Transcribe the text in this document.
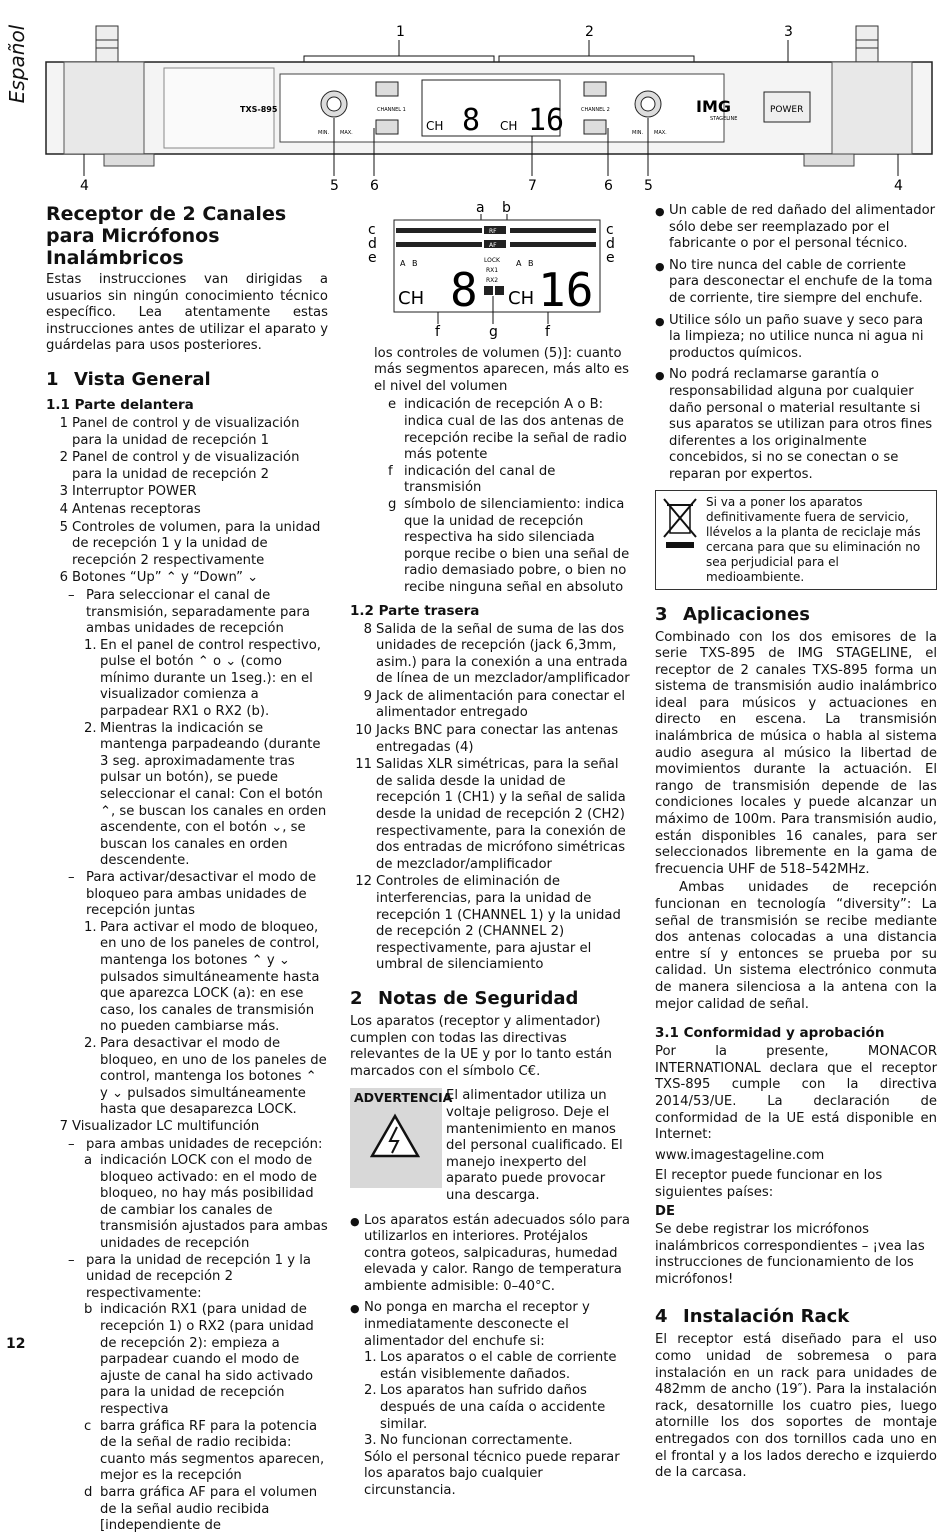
Español	1	2	3
TXS-895
MIN. MAX.	MIN. MAX.
CHANNEL 1	CHANNEL 2
CH 8 CH 16	IMG
STAGELINE
POWER
4	5 6	7	6 5	4
Receptor de 2 Canales para Micrófonos Inalámbricos

Estas instrucciones van dirigidas a usuarios sin ningún conocimiento técnico específico. Lea atentamente estas instrucciones antes de utilizar el aparato y guárdelas para usos posteriores.

1 Vista General
1.1 Parte delantera
1 Panel de control y de visualización para la unidad de recepción 1
2 Panel de control y de visualización para la unidad de recepción 2
3 Interruptor POWER
4 Antenas receptoras
5 Controles de volumen, para la unidad de recepción 1 y la unidad de recepción 2 respectivamente
6 Botones “Up” ⌃ y “Down” ⌄
– Para seleccionar el canal de transmisión, separadamente para ambas unidades de recepción
1. En el panel de control respectivo, pulse el botón ⌃ o ⌄ (como mínimo durante un 1seg.): en el visualizador comienza a parpadear RX1 o RX2 (b).
2. Mientras la indicación se mantenga parpadeando (durante 3 seg. aproximadamente tras pulsar un botón), se puede seleccionar el canal: Con el botón ⌃, se buscan los canales en orden ascendente, con el botón ⌄, se buscan los canales en orden descendente.
– Para activar/desactivar el modo de bloqueo para ambas unidades de recepción juntas
1. Para activar el modo de bloqueo, en uno de los paneles de control, mantenga los botones ⌃ y ⌄ pulsados simultáneamente hasta que aparezca LOCK (a): en ese caso, los canales de transmisión no pueden cambiarse más.
2. Para desactivar el modo de bloqueo, en uno de los paneles de control, mantenga los botones ⌃ y ⌄ pulsados simultáneamente hasta que desaparezca LOCK.
7 Visualizador LC multifunción
– para ambas unidades de recepción:
a indicación LOCK con el modo de bloqueo activado: en el modo de bloqueo, no hay más posibilidad de cambiar los canales de transmisión ajustados para ambas unidades de recepción
– para la unidad de recepción 1 y la unidad de recepción 2 respectivamente:
b indicación RX1 (para unidad de recepción 1) o RX2 (para unidad de recepción 2): empieza a parpadear cuando el modo de ajuste de canal ha sido activado para la unidad de recepción respectiva
c barra gráfica RF para la potencia de la señal de radio recibida: cuanto más segmentos aparecen, mejor es la recepción
d barra gráfica AF para el volumen de la señal audio recibida [independiente de
a b
c
d
e
c
d
e
RF
AF
A B	A B
CH 8 CH 16
LOCK
RX1
RX2
f	g	f

los controles de volumen (5)]: cuanto más segmentos aparecen, más alto es el nivel del volumen

e indicación de recepción A o B: indica cual de las dos antenas de recepción recibe la señal de radio más potente
f indicación del canal de transmisión
g símbolo de silenciamiento: indica que la unidad de recepción respectiva ha sido silenciada porque recibe o bien una señal de radio demasiado pobre, o bien no recibe ninguna señal en absoluto
1.2 Parte trasera
8 Salida de la señal de suma de las dos unidades de recepción (jack 6,3mm, asim.) para la conexión a una entrada de línea de un mezclador/amplificador
9 Jack de alimentación para conectar el alimentador entregado
10 Jacks BNC para conectar las antenas entregadas (4)
11 Salidas XLR simétricas, para la señal de salida desde la unidad de recepción 1 (CH1) y la señal de salida desde la unidad de recepción 2 (CH2) respectivamente, para la conexión de dos entradas de micrófono simétricas de mezclador/amplificador
12 Controles de eliminación de interferencias, para la unidad de recepción 1 (CHANNEL 1) y la unidad de recepción 2 (CHANNEL 2) respectivamente, para ajustar el umbral de silenciamiento
2 Notas de Seguridad

Los aparatos (receptor y alimentador) cumplen con todas las directivas relevantes de la UE y por lo tanto están marcados con el símbolo C€.

ADVERTENCIA
El alimentador utiliza un voltaje peligroso. Deje el mantenimiento en manos del personal cualificado. El manejo inexperto del aparato puede provocar una descarga.
● Los aparatos están adecuados sólo para utilizarlos en interiores. Protéjalos contra goteos, salpicaduras, humedad elevada y calor. Rango de temperatura ambiente admisible: 0–40°C.
● No ponga en marcha el receptor y inmediatamente desconecte el alimentador del enchufe si:
1. Los aparatos o el cable de corriente están visiblemente dañados.
2. Los aparatos han sufrido daños después de una caída o accidente similar.
3. No funcionan correctamente.

Sólo el personal técnico puede reparar los aparatos bajo cualquier circunstancia.

● Un cable de red dañado del alimentador sólo debe ser reemplazado por el fabricante o por el personal técnico.
● No tire nunca del cable de corriente para desconectar el enchufe de la toma de corriente, tire siempre del enchufe.
● Utilice sólo un paño suave y seco para la limpieza; no utilice nunca ni agua ni productos químicos.
● No podrá reclamarse garantía o responsabilidad alguna por cualquier daño personal o material resultante si sus aparatos se utilizan para otros fines diferentes a los originalmente concebidos, si no se conectan o se reparan por expertos.
Si va a poner los aparatos definitivamente fuera de servicio, llévelos a la planta de reciclaje más cercana para que su eliminación no sea perjudicial para el medioambiente.
3 Aplicaciones

Combinado con los dos emisores de la serie TXS-895 de IMG STAGELINE, el receptor de 2 canales TXS-895 forma un sistema de transmisión audio inalámbrico ideal para músicos y actuaciones en directo en escena. La transmisión inalámbrica de música o habla al sistema audio asegura al músico la libertad de movimientos durante la actuación. El rango de transmisión depende de las condiciones locales y puede alcanzar un máximo de 100m. Para transmisión audio, están disponibles 16 canales, para ser seleccionados libremente en la gama de frecuencia UHF de 518–542MHz.

Ambas unidades de recepción funcionan en tecnología “diversity”: La señal de transmisión se recibe mediante dos antenas colocadas a una distancia entre sí y entonces se prueba por su calidad. Un sistema electrónico conmuta de manera silenciosa a la antena con la mejor calidad de señal.

3.1 Conformidad y aprobación

Por la presente, MONACOR INTERNATIONAL declara que el receptor TXS-895 cumple con la directiva 2014/53/UE. La declaración de conformidad de la UE está disponible en Internet:

www.imagestageline.com

El receptor puede funcionar en los siguientes países:

DE

Se debe registrar los micrófonos inalámbricos correspondientes – ¡vea las instrucciones de funcionamiento de los micrófonos!

4 Instalación Rack

El receptor está diseñado para el uso como unidad de sobremesa o para instalación en un rack para unidades de 482mm de ancho (19″). Para la instalación rack, desatornille los cuatro pies, luego atornille los dos soportes de montaje entregados con dos tornillos cada uno en el frontal y a los lados derecho e izquierdo de la carcasa.

12
